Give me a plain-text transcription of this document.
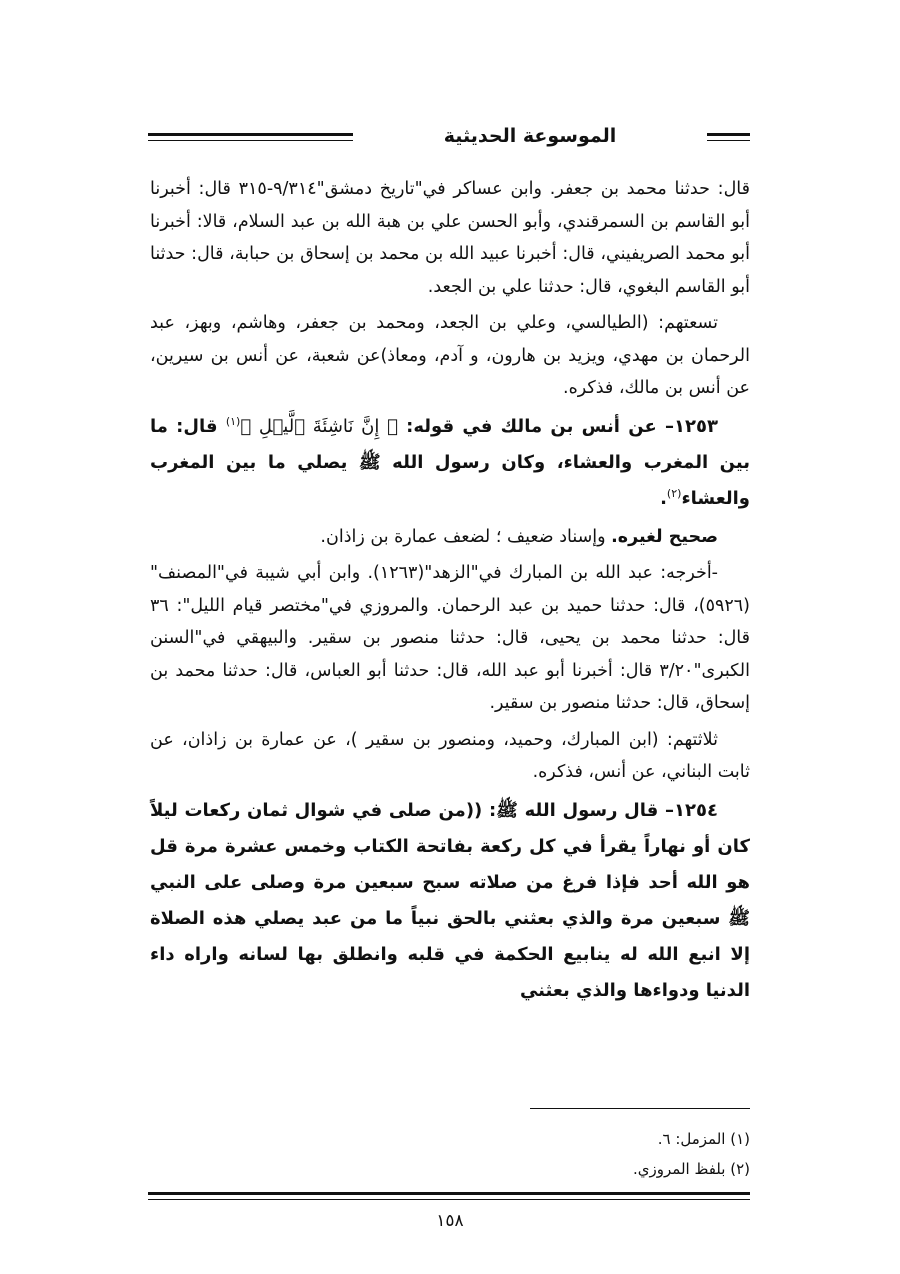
الموسوعة الحديثية

قال: حدثنا محمد بن جعفر. وابن عساكر في"تاريخ دمشق"٩/٣١٤-٣١٥ قال: أخبرنا أبو القاسم بن السمرقندي، وأبو الحسن علي بن هبة الله بن عبد السلام، قالا: أخبرنا أبو محمد الصريفيني، قال: أخبرنا عبيد الله بن محمد بن إسحاق بن حبابة، قال: حدثنا أبو القاسم البغوي، قال: حدثنا علي بن الجعد.

تسعتهم: (الطيالسي، وعلي بن الجعد، ومحمد بن جعفر، وهاشم، وبهز، عبد الرحمان بن مهدي، ويزيد بن هارون، و آدم، ومعاذ)عن شعبة، عن أنس بن سيرين، عن أنس بن مالك، فذكره.

١٢٥٣– عن أنس بن مالك في قوله: ﴿ إِنَّ نَاشِئَةَ ٱلَّيۡلِ ﴾$^{(١)}$ قال: ما بين المغرب والعشاء، وكان رسول الله ﷺ يصلي ما بين المغرب والعشاء$^{(٢)}$.

صحيح لغيره. وإسناد ضعيف ؛ لضعف عمارة بن زاذان.

-أخرجه: عبد الله بن المبارك في"الزهد"(١٢٦٣). وابن أبي شيبة في"المصنف"(٥٩٢٦)، قال: حدثنا حميد بن عبد الرحمان. والمروزي في"مختصر قيام الليل": ٣٦ قال: حدثنا محمد بن يحيى، قال: حدثنا منصور بن سقير. والبيهقي في"السنن الكبرى"٣/٢٠ قال: أخبرنا أبو عبد الله، قال: حدثنا أبو العباس، قال: حدثنا محمد بن إسحاق، قال: حدثنا منصور بن سقير.

ثلاثتهم: (ابن المبارك، وحميد، ومنصور بن سقير )، عن عمارة بن زاذان، عن ثابت البناني، عن أنس، فذكره.

١٢٥٤– قال رسول الله ﷺ: ((من صلى في شوال ثمان ركعات ليلاً كان أو نهاراً يقرأ في كل ركعة بفاتحة الكتاب وخمس عشرة مرة قل هو الله أحد فإذا فرغ من صلاته سبح سبعين مرة وصلى على النبي ﷺ سبعين مرة والذي بعثني بالحق نبياً ما من عبد يصلي هذه الصلاة إلا انبع الله له ينابيع الحكمة في قلبه وانطلق بها لسانه واراه داء الدنيا ودواءها والذي بعثني

(١) المزمل: ٦.

(٢) بلفظ المروزي.

١٥٨
